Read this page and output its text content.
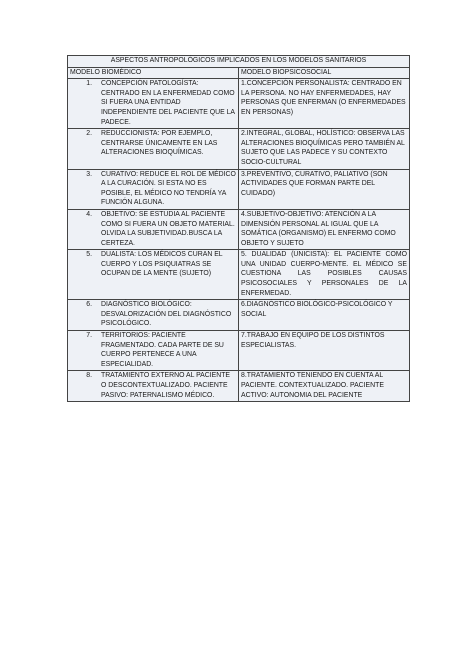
ASPECTOS ANTROPOLÓGICOS IMPLICADOS EN LOS MODELOS SANITARIOS	
MODELO BIOMÉDICO	MODELO BIOPSICOSOCIAL

1. CONCEPCIÓN PATOLOGÍSTA: CENTRADO EN LA ENFERMEDAD COMO SI FUERA UNA ENTIDAD INDEPENDIENTE DEL PACIENTE QUE LA PADECE.	1.CONCEPCIÓN PERSONALISTA: CENTRADO EN LA PERSONA. NO HAY ENFERMEDADES, HAY PERSONAS QUE ENFERMAN (O ENFERMEDADES EN PERSONAS)

2. REDUCCIONISTA: POR EJEMPLO, CENTRARSE ÚNICAMENTE EN LAS ALTERACIONES BIOQUÍMICAS.	2.INTEGRAL, GLOBAL, HOLÍSTICO: OBSERVA LAS ALTERACIONES BIOQUÍMICAS PERO TAMBIÉN AL SUJETO QUE LAS PADECE Y SU CONTEXTO SOCIO-CULTURAL

3. CURATIVO: REDUCE EL ROL DE MÉDICO A LA CURACIÓN. SI ESTA NO ES POSIBLE, EL MÉDICO NO TENDRÍA YA FUNCIÓN ALGUNA.	3.PREVENTIVO, CURATIVO, PALIATIVO (SON ACTIVIDADES QUE FORMAN PARTE DEL CUIDADO)

4. OBJETIVO: SE ESTUDIA AL PACIENTE COMO SI FUERA UN OBJETO MATERIAL. OLVIDA LA SUBJETIVIDAD.BUSCA LA CERTEZA.	4.SUBJETIVO-OBJETIVO: ATENCIÓN A LA DIMENSIÓN PERSONAL AL IGUAL QUE LA SOMÁTICA (ORGANISMO) EL ENFERMO COMO OBJETO Y SUJETO

5. DUALISTA: LOS MÉDICOS CURAN EL CUERPO Y LOS PSIQUIATRAS SE OCUPAN DE LA MENTE (SUJETO)	5. DUALIDAD (UNICISTA): EL PACIENTE COMO UNA UNIDAD CUERPO-MENTE. EL MÉDICO SE CUESTIONA LAS POSIBLES CAUSAS PSICOSOCIALES Y PERSONALES DE LA ENFERMEDAD.

6. DIAGNÓSTICO BIOLÓGICO: DESVALORIZACIÓN DEL DIAGNÓSTICO PSICOLÓGICO.	6.DIAGNÓSTICO BIOLÓGICO-PSICOLÓGICO Y SOCIAL

7. TERRITORIOS: PACIENTE FRAGMENTADO. CADA PARTE DE SU CUERPO PERTENECE A UNA ESPECIALIDAD.	7.TRABAJO EN EQUIPO DE LOS DISTINTOS ESPECIALISTAS.

8. TRATAMIENTO EXTERNO AL PACIENTE O DESCONTEXTUALIZADO. PACIENTE PASIVO: PATERNALISMO MÉDICO.	8.TRATAMIENTO TENIENDO EN CUENTA AL PACIENTE. CONTEXTUALIZADO. PACIENTE ACTIVO: AUTONOMIA DEL PACIENTE
